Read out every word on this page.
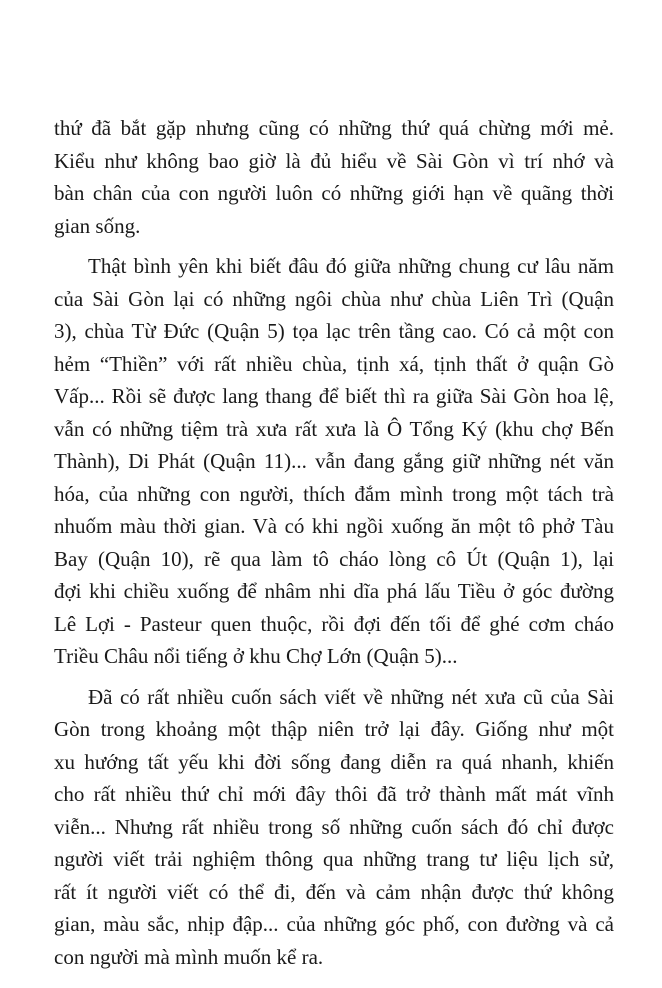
thứ đã bắt gặp nhưng cũng có những thứ quá chừng mới mẻ.
Kiểu như không bao giờ là đủ hiểu về Sài Gòn vì trí nhớ và
bàn chân của con người luôn có những giới hạn về quãng thời
gian sống.
Thật bình yên khi biết đâu đó giữa những chung cư lâu năm
của Sài Gòn lại có những ngôi chùa như chùa Liên Trì (Quận
3), chùa Từ Đức (Quận 5) tọa lạc trên tầng cao. Có cả một con
hẻm “Thiền” với rất nhiều chùa, tịnh xá, tịnh thất ở quận Gò
Vấp... Rồi sẽ được lang thang để biết thì ra giữa Sài Gòn hoa lệ,
vẫn có những tiệm trà xưa rất xưa là Ô Tổng Ký (khu chợ Bến
Thành), Di Phát (Quận 11)... vẫn đang gắng giữ những nét văn
hóa, của những con người, thích đắm mình trong một tách trà
nhuốm màu thời gian. Và có khi ngồi xuống ăn một tô phở Tàu
Bay (Quận 10), rẽ qua làm tô cháo lòng cô Út (Quận 1), lại
đợi khi chiều xuống để nhâm nhi dĩa phá lấu Tiều ở góc đường
Lê Lợi - Pasteur quen thuộc, rồi đợi đến tối để ghé cơm cháo
Triều Châu nổi tiếng ở khu Chợ Lớn (Quận 5)...
Đã có rất nhiều cuốn sách viết về những nét xưa cũ của Sài
Gòn trong khoảng một thập niên trở lại đây. Giống như một
xu hướng tất yếu khi đời sống đang diễn ra quá nhanh, khiến
cho rất nhiều thứ chỉ mới đây thôi đã trở thành mất mát vĩnh
viễn... Nhưng rất nhiều trong số những cuốn sách đó chỉ được
người viết trải nghiệm thông qua những trang tư liệu lịch sử,
rất ít người viết có thể đi, đến và cảm nhận được thứ không
gian, màu sắc, nhịp đập... của những góc phố, con đường và cả
con người mà mình muốn kể ra.
